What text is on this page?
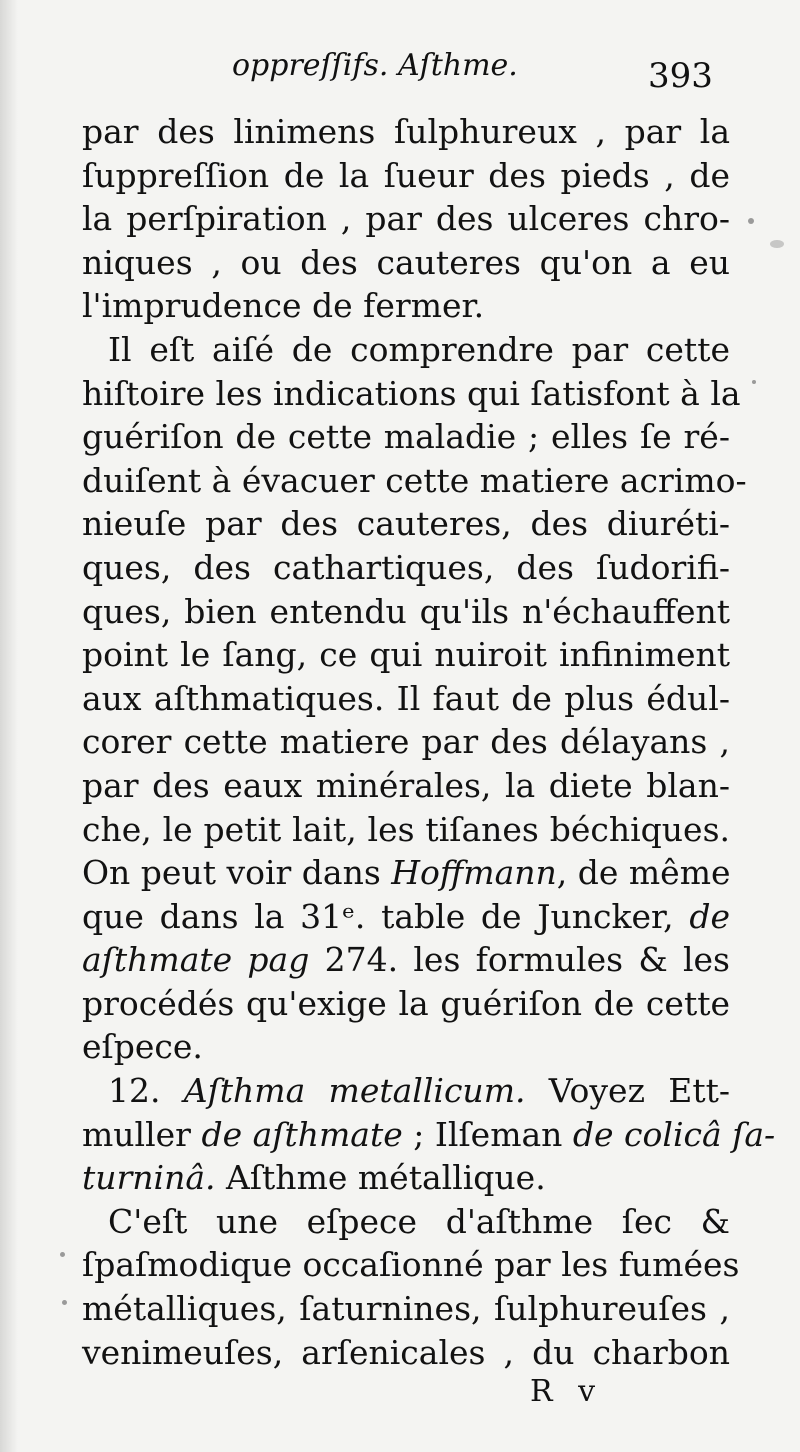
oppreſſifs. Aſthme.	393
par des linimens ſulphureux , par la
ſuppreſſion de la ſueur des pieds , de
la perſpiration , par des ulceres chro-
niques , ou des cauteres qu'on a eu
l'imprudence de fermer.
Il eſt aiſé de comprendre par cette
hiſtoire les indications qui ſatisfont à la
guériſon de cette maladie ; elles ſe ré-
duiſent à évacuer cette matiere acrimo-
nieuſe par des cauteres, des diuréti-
ques, des cathartiques, des ſudorifi-
ques, bien entendu qu'ils n'échauffent
point le ſang, ce qui nuiroit infiniment
aux aſthmatiques. Il faut de plus édul-
corer cette matiere par des délayans ,
par des eaux minérales, la diete blan-
che, le petit lait, les tiſanes béchiques.
On peut voir dans Hoffmann, de même
que dans la 31ᵉ. table de Juncker, de
aſthmate pag 274. les formules & les
procédés qu'exige la guériſon de cette
eſpece.
12. Aſthma metallicum. Voyez Ett-
muller de aſthmate ; Ilſeman de colicâ ſa-
turninâ. Aſthme métallique.
C'eſt une eſpece d'aſthme ſec &
ſpaſmodique occaſionné par les fumées
métalliques, ſaturnines, ſulphureuſes ,
venimeuſes, arſenicales , du charbon
R v
